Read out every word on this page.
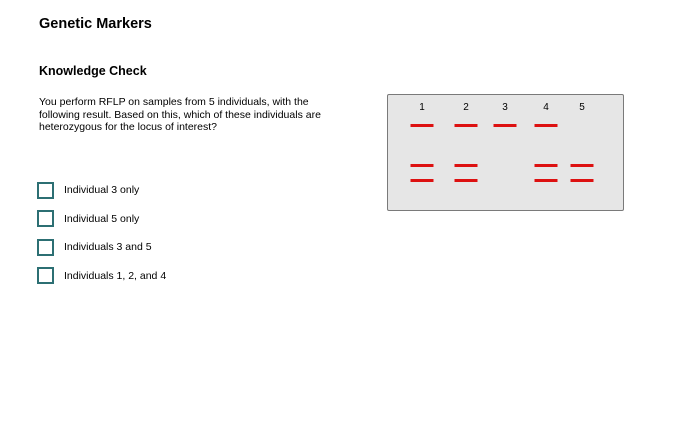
Genetic Markers
Knowledge Check

You perform RFLP on samples from 5 individuals, with the following result. Based on this, which of these individuals are heterozygous for the locus of interest?

Individual 3 only
Individual 5 only
Individuals 3 and 5
Individuals 1, 2, and 4
1	2	3	4	5
